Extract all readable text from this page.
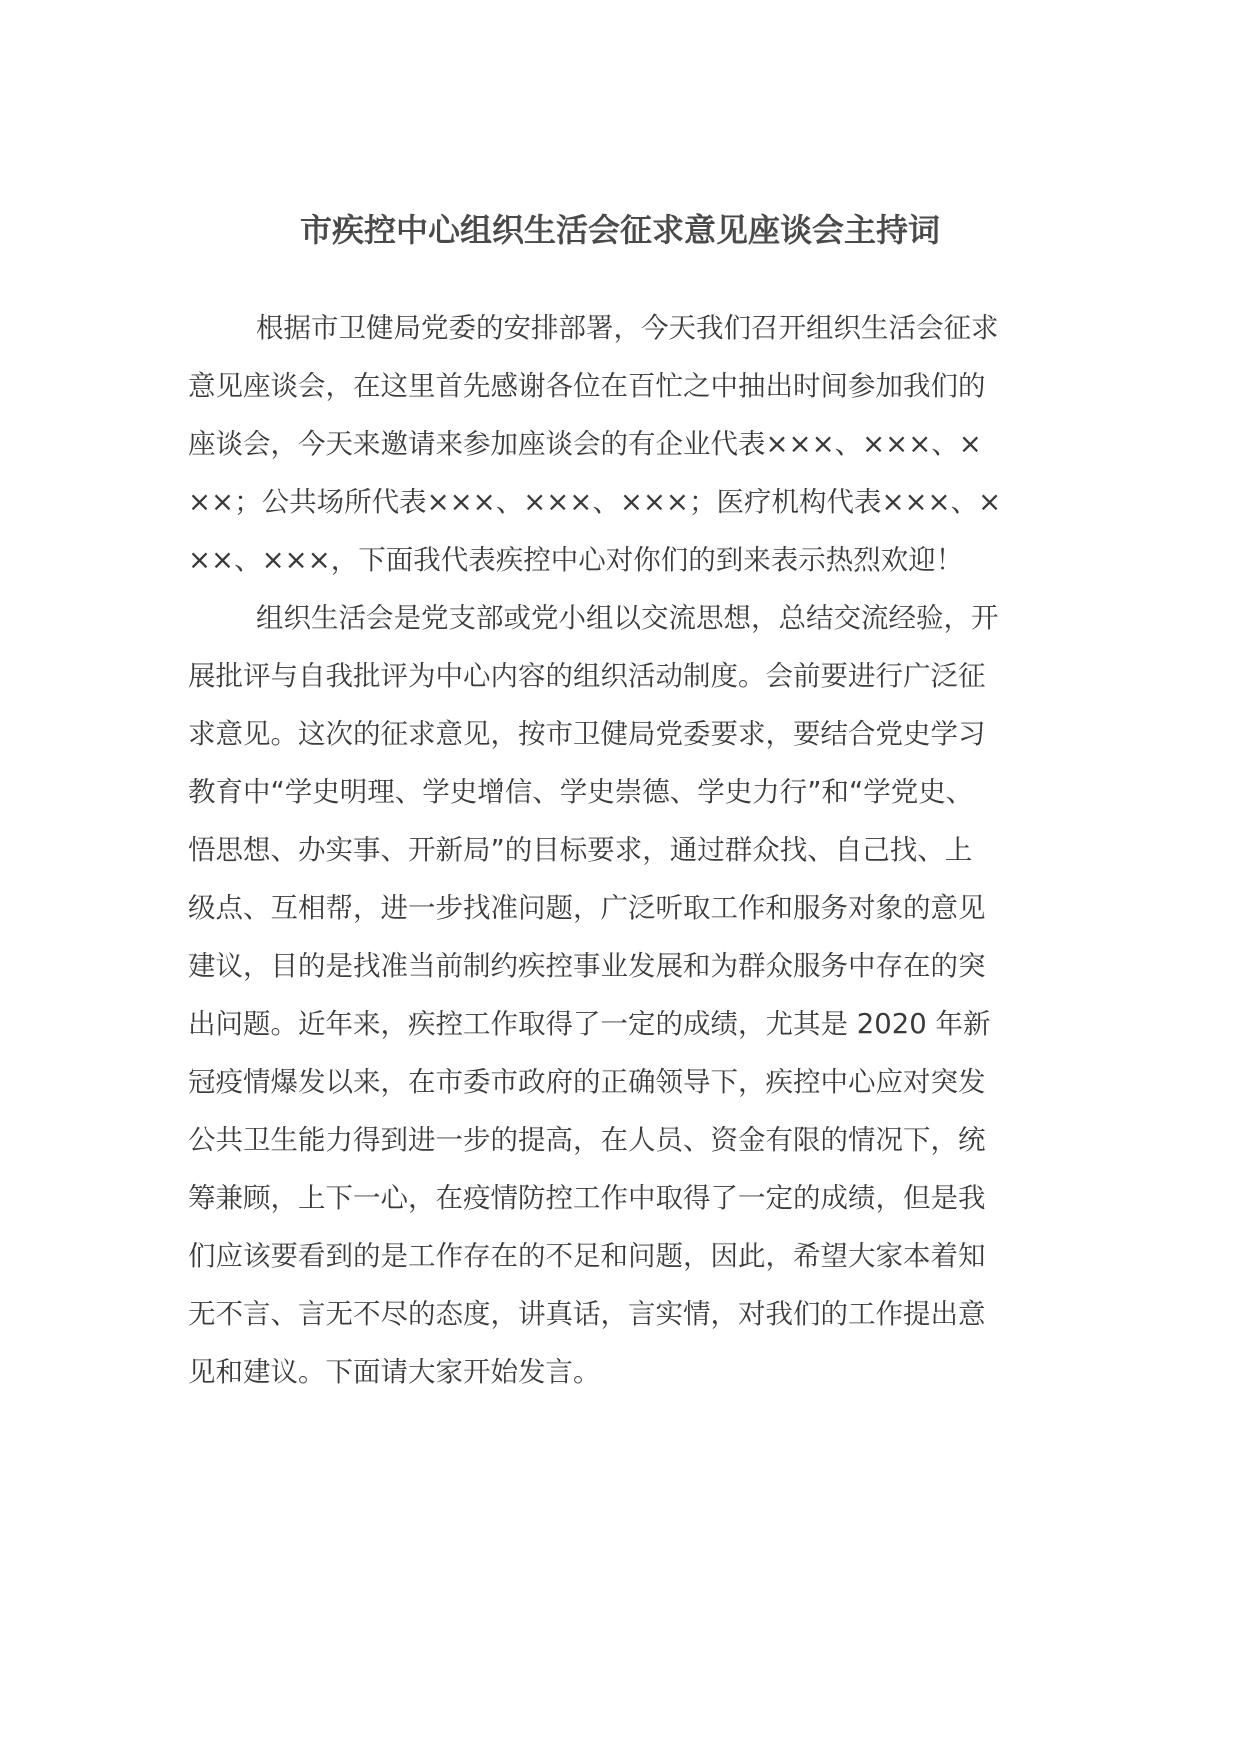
市疾控中心组织生活会征求意见座谈会主持词

根据市卫健局党委的安排部署，今天我们召开组织生活会征求

意见座谈会，在这里首先感谢各位在百忙之中抽出时间参加我们的

座谈会，今天来邀请来参加座谈会的有企业代表×××、×××、×

××；公共场所代表×××、×××、×××；医疗机构代表×××、×

××、×××，下面我代表疾控中心对你们的到来表示热烈欢迎！

组织生活会是党支部或党小组以交流思想，总结交流经验，开

展批评与自我批评为中心内容的组织活动制度。会前要进行广泛征

求意见。这次的征求意见，按市卫健局党委要求，要结合党史学习

教育中“学史明理、学史增信、学史崇德、学史力行”和“学党史、

悟思想、办实事、开新局”的目标要求，通过群众找、自己找、上

级点、互相帮，进一步找准问题，广泛听取工作和服务对象的意见

建议，目的是找准当前制约疾控事业发展和为群众服务中存在的突

出问题。近年来，疾控工作取得了一定的成绩，尤其是 2020 年新

冠疫情爆发以来，在市委市政府的正确领导下，疾控中心应对突发

公共卫生能力得到进一步的提高，在人员、资金有限的情况下，统

筹兼顾，上下一心，在疫情防控工作中取得了一定的成绩，但是我

们应该要看到的是工作存在的不足和问题，因此，希望大家本着知

无不言、言无不尽的态度，讲真话，言实情，对我们的工作提出意

见和建议。下面请大家开始发言。
